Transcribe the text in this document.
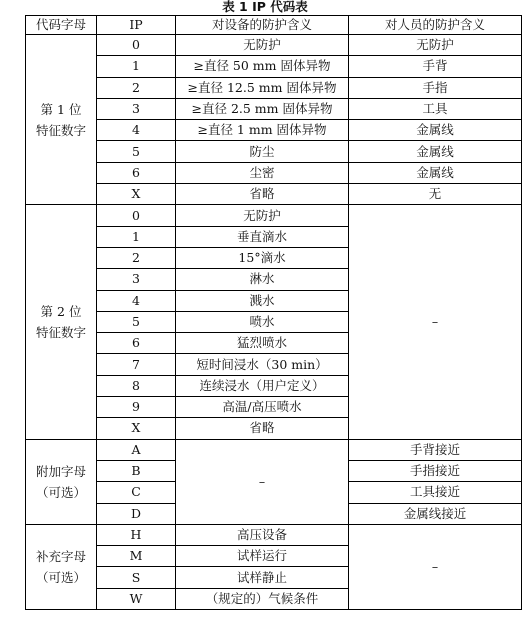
表 1 IP 代码表
代码字母	IP	对设备的防护含义	对人员的防护含义

第 1 位
特征数字	0	无防护	无防护
	1	≥直径 50 mm 固体异物	手背
	2	≥直径 12.5 mm 固体异物	手指
	3	≥直径 2.5 mm 固体异物	工具
	4	≥直径 1 mm 固体异物	金属线
	5	防尘	金属线
	6	尘密	金属线
	X	省略	无

第 2 位
特征数字	0	无防护	–
	1	垂直滴水	
	2	15°滴水	
	3	淋水	
	4	溅水	
	5	喷水	
	6	猛烈喷水	
	7	短时间浸水（30 min）	
	8	连续浸水（用户定义）	
	9	高温/高压喷水	
	X	省略	

附加字母
（可选）	A	–	手背接近
	B		手指接近
	C		工具接近
	D		金属线接近

补充字母
（可选）	H	高压设备	–
	M	试样运行	
	S	试样静止	
	W	（规定的）气候条件	
